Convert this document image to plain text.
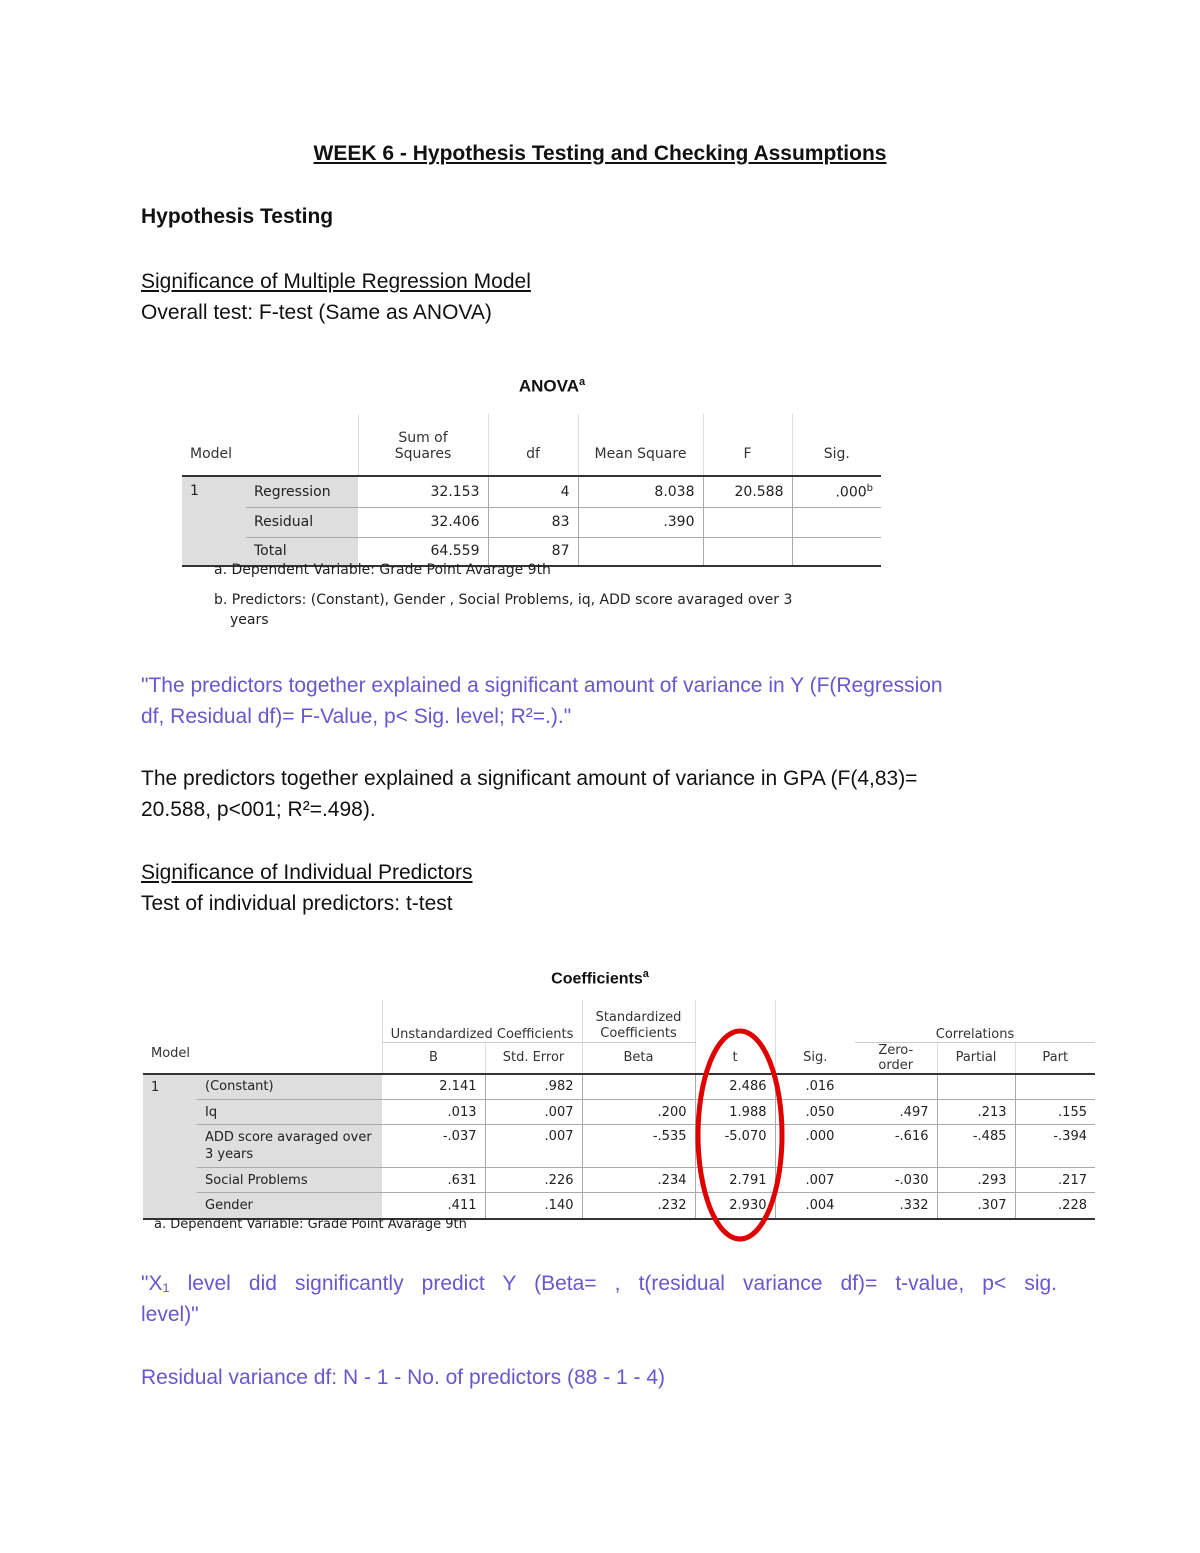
WEEK 6 - Hypothesis Testing and Checking Assumptions
Hypothesis Testing
Significance of Multiple Regression Model
Overall test: F-test (Same as ANOVA)
ANOVA$^a$
		Sum of				
Model		Squares	df	Mean Square	F	Sig.
1	Regression	32.153	4	8.038	20.588	.000$^b$
	Residual	32.406	83	.390		
	Total	64.559	87			
a. Dependent Variable: Grade Point Avarage 9th
b. Predictors: (Constant), Gender , Social Problems, iq, ADD score avaraged over 3
years
"The predictors together explained a significant amount of variance in Y (F(Regression
df, Residual df)= F-Value, p< Sig. level; R²=.)."
The predictors together explained a significant amount of variance in GPA (F(4,83)=
20.588, p<001; R²=.498).
Significance of Individual Predictors
Test of individual predictors: t-test
Coefficients$^a$
		Unstandardized Coefficients		Standardized
Coefficients			Correlations		
Model		B	Std. Error	Beta	t	Sig.	Zero-order	Partial	Part
1	(Constant)	2.141	.982		2.486	.016			
	Iq	.013	.007	.200	1.988	.050	.497	.213	.155

	ADD score avaraged over
3 years	-.037	.007	-.535	-5.070	.000	-.616	-.485	-.394
	Social Problems	.631	.226	.234	2.791	.007	-.030	.293	.217
	Gender	.411	.140	.232	2.930	.004	.332	.307	.228
a. Dependent Variable: Grade Point Avarage 9th
"X₁ level did significantly predict Y (Beta= , t(residual variance df)= t-value, p< sig.
level)"
Residual variance df: N - 1 - No. of predictors (88 - 1 - 4)
